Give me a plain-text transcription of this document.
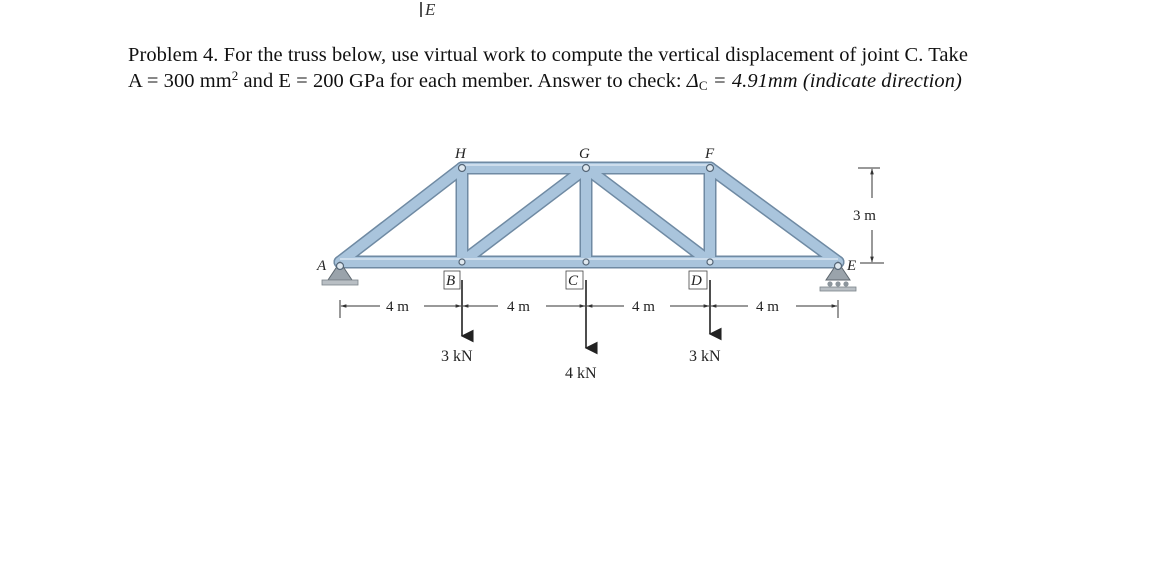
E
Problem 4. For the truss below, use virtual work to compute the vertical displacement of joint C. Take
A = 300 $mm^2$ and E = 200 GPa for each member. Answer to check: $\Delta_C = 4.91mm$ (indicate direction)
H	G	F
A
B	C	D
E
4 m	4 m	4 m	4 m
3 m
3 kN
4 kN
3 kN
